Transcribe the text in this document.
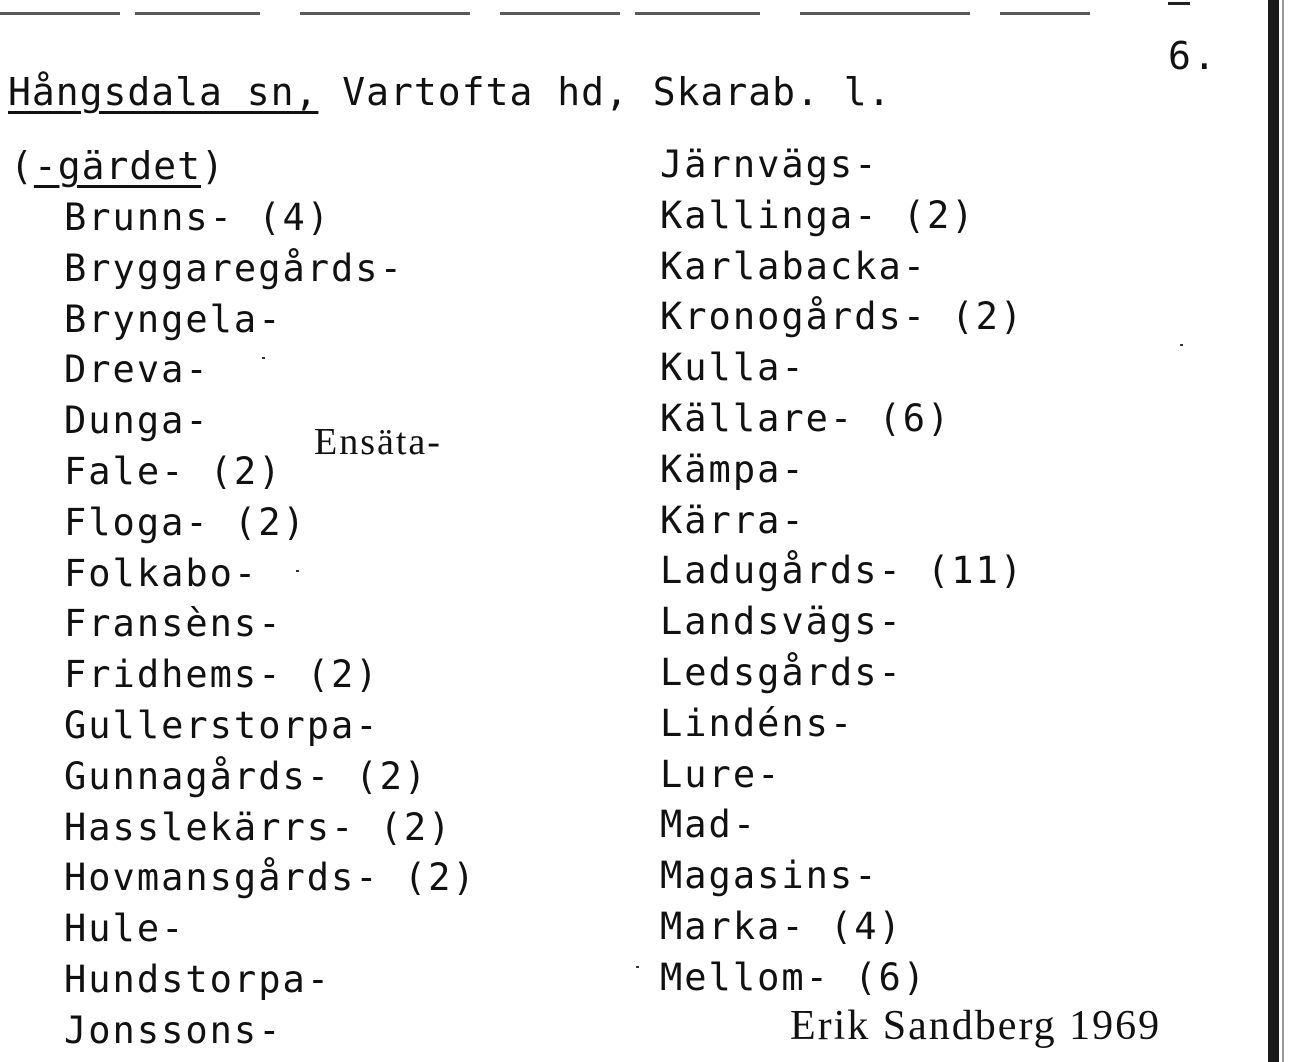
6.
Hångsdala sn, Vartofta hd, Skarab. l.
(-gärdet)
Brunns- (4)
Bryggaregårds-
Bryngela-
Dreva-
Dunga-
Fale- (2)
Floga- (2)
Folkabo-
Fransèns-
Fridhems- (2)
Gullerstorpa-
Gunnagårds- (2)
Hasslekärrs- (2)
Hovmansgårds- (2)
Hule-
Hundstorpa-
Jonssons-
Ensäta-
Järnvägs-
Kallinga- (2)
Karlabacka-
Kronogårds- (2)
Kulla-
Källare- (6)
Kämpa-
Kärra-
Ladugårds- (11)
Landsvägs-
Ledsgårds-
Lindéns-
Lure-
Mad-
Magasins-
Marka- (4)
Mellom- (6)
Erik Sandberg 1969
